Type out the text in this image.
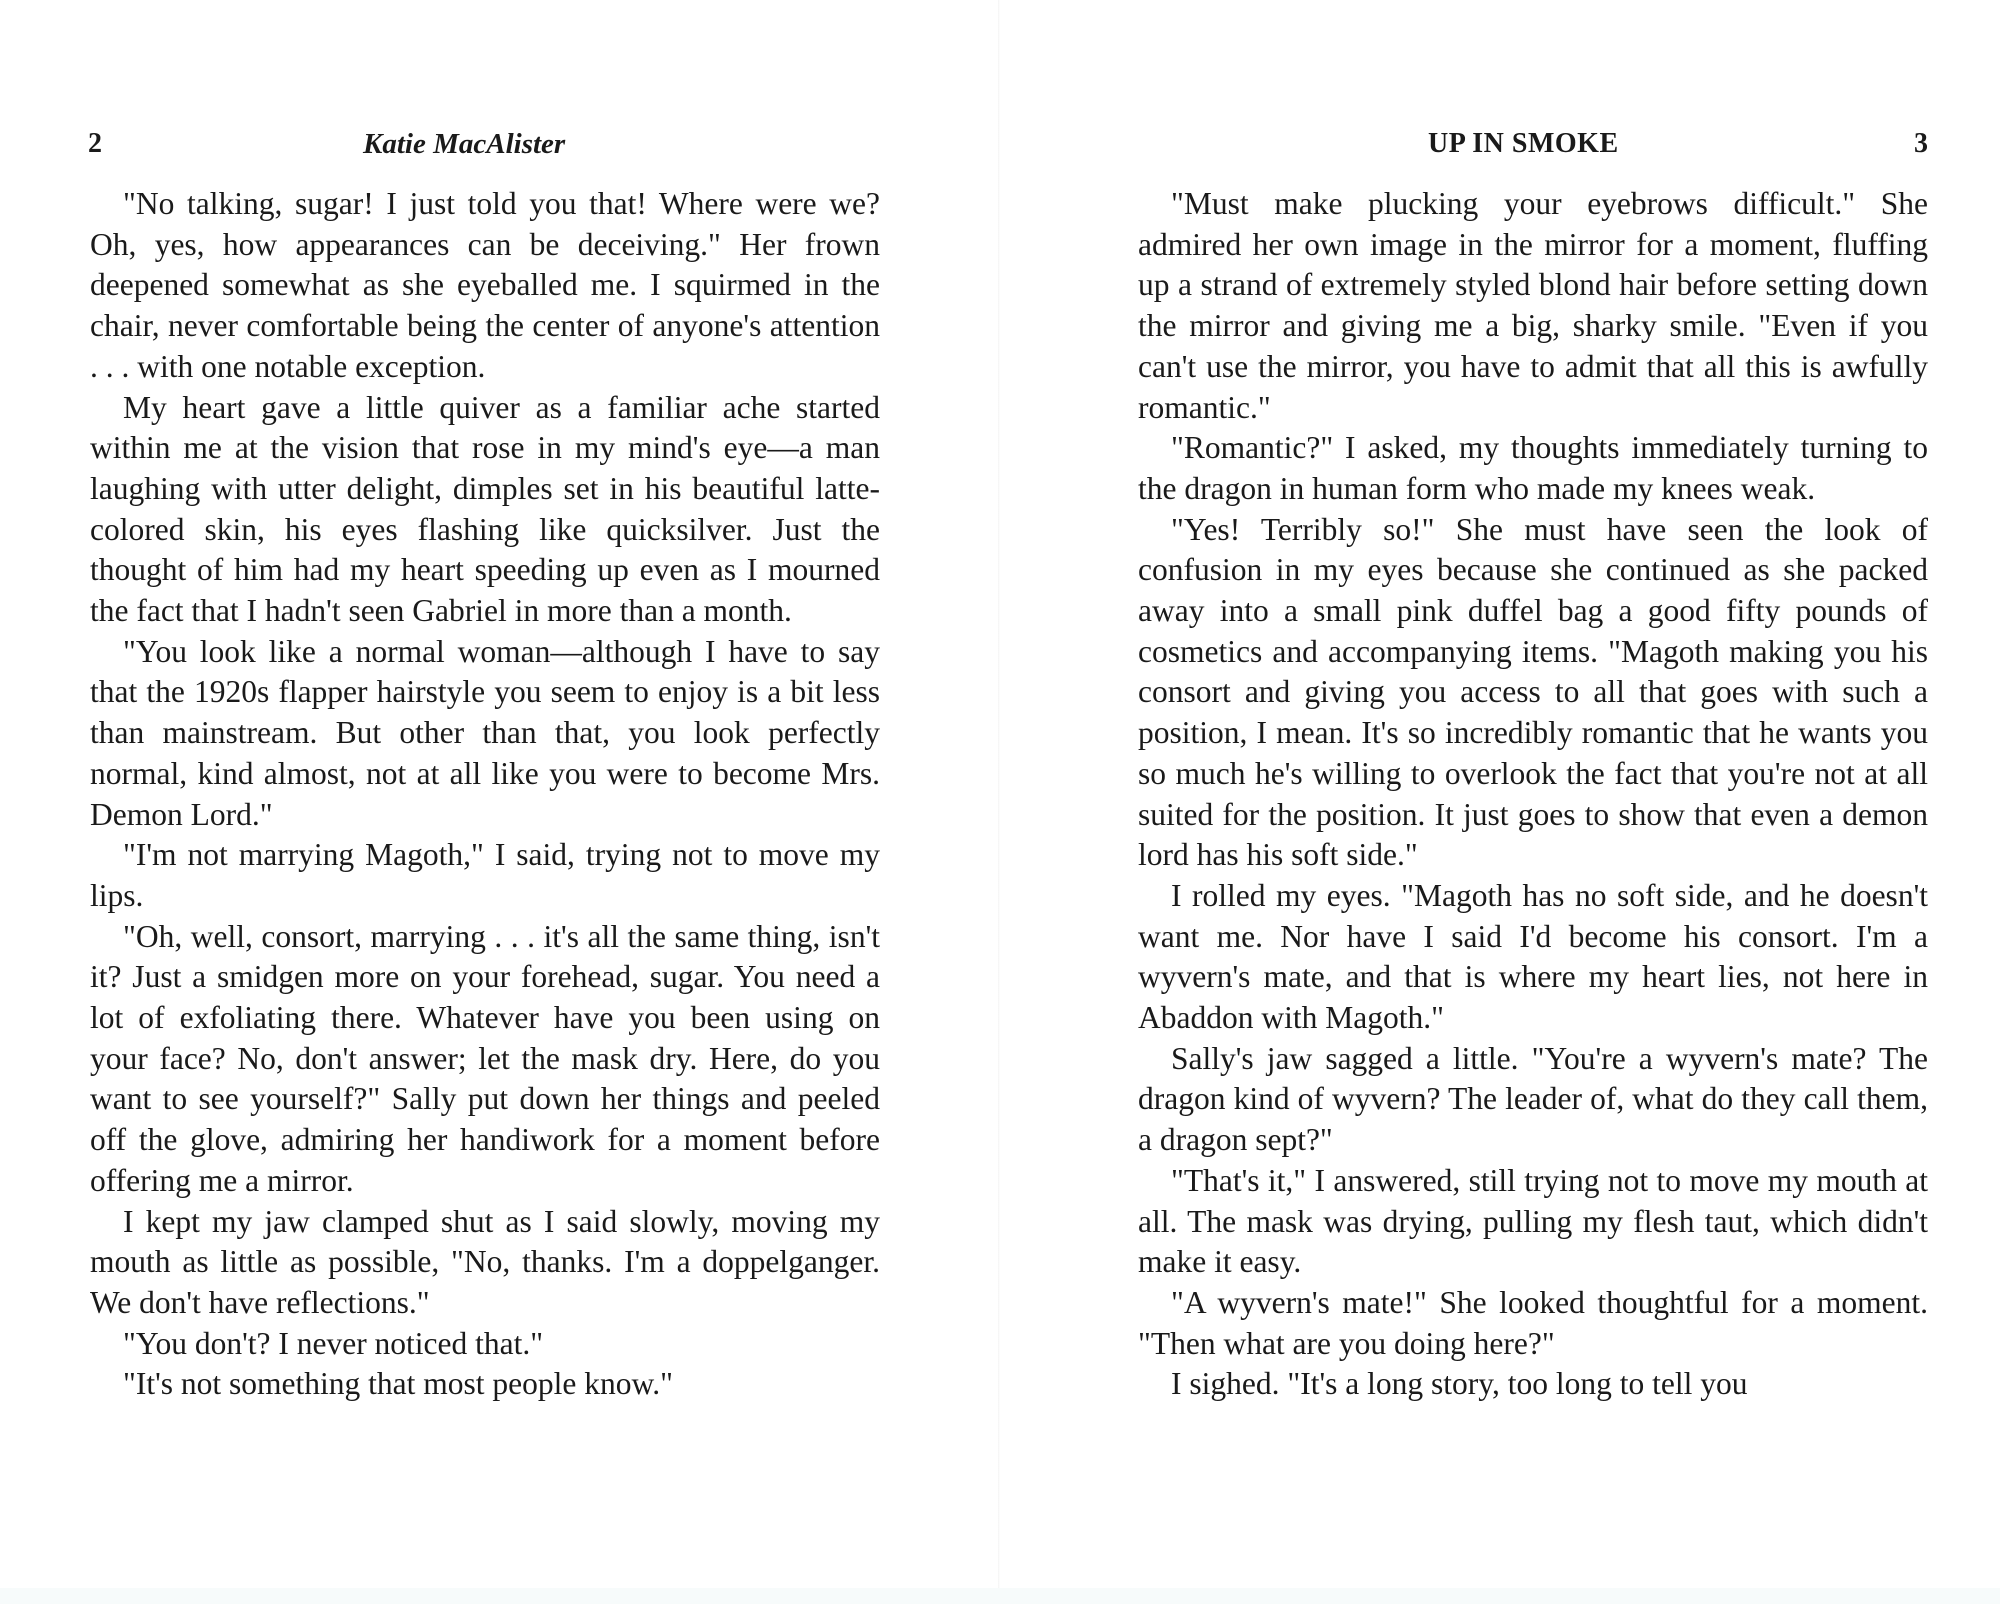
2	Katie MacAlister

"No talking, sugar! I just told you that! Where were we? Oh, yes, how appearances can be deceiving." Her frown deepened somewhat as she eyeballed me. I squirmed in the chair, never comfortable being the center of anyone's attention . . . with one notable exception.

My heart gave a little quiver as a familiar ache started within me at the vision that rose in my mind's eye—a man laughing with utter delight, dimples set in his beautiful latte-colored skin, his eyes flashing like quicksilver. Just the thought of him had my heart speeding up even as I mourned the fact that I hadn't seen Gabriel in more than a month.

"You look like a normal woman—although I have to say that the 1920s flapper hairstyle you seem to enjoy is a bit less than mainstream. But other than that, you look perfectly normal, kind almost, not at all like you were to become Mrs. Demon Lord."

"I'm not marrying Magoth," I said, trying not to move my lips.

"Oh, well, consort, marrying . . . it's all the same thing, isn't it? Just a smidgen more on your forehead, sugar. You need a lot of exfoliating there. Whatever have you been using on your face? No, don't answer; let the mask dry. Here, do you want to see yourself?" Sally put down her things and peeled off the glove, admiring her handiwork for a moment before offering me a mirror.

I kept my jaw clamped shut as I said slowly, moving my mouth as little as possible, "No, thanks. I'm a doppelganger. We don't have reflections."

"You don't? I never noticed that."

"It's not something that most people know."

UP IN SMOKE	3

"Must make plucking your eyebrows difficult." She admired her own image in the mirror for a moment, fluffing up a strand of extremely styled blond hair before setting down the mirror and giving me a big, sharky smile. "Even if you can't use the mirror, you have to admit that all this is awfully romantic."

"Romantic?" I asked, my thoughts immediately turning to the dragon in human form who made my knees weak.

"Yes! Terribly so!" She must have seen the look of confusion in my eyes because she continued as she packed away into a small pink duffel bag a good fifty pounds of cosmetics and accompanying items. "Magoth making you his consort and giving you access to all that goes with such a position, I mean. It's so incredibly romantic that he wants you so much he's willing to overlook the fact that you're not at all suited for the position. It just goes to show that even a demon lord has his soft side."

I rolled my eyes. "Magoth has no soft side, and he doesn't want me. Nor have I said I'd become his consort. I'm a wyvern's mate, and that is where my heart lies, not here in Abaddon with Magoth."

Sally's jaw sagged a little. "You're a wyvern's mate? The dragon kind of wyvern? The leader of, what do they call them, a dragon sept?"

"That's it," I answered, still trying not to move my mouth at all. The mask was drying, pulling my flesh taut, which didn't make it easy.

"A wyvern's mate!" She looked thoughtful for a moment. "Then what are you doing here?"

I sighed. "It's a long story, too long to tell you
